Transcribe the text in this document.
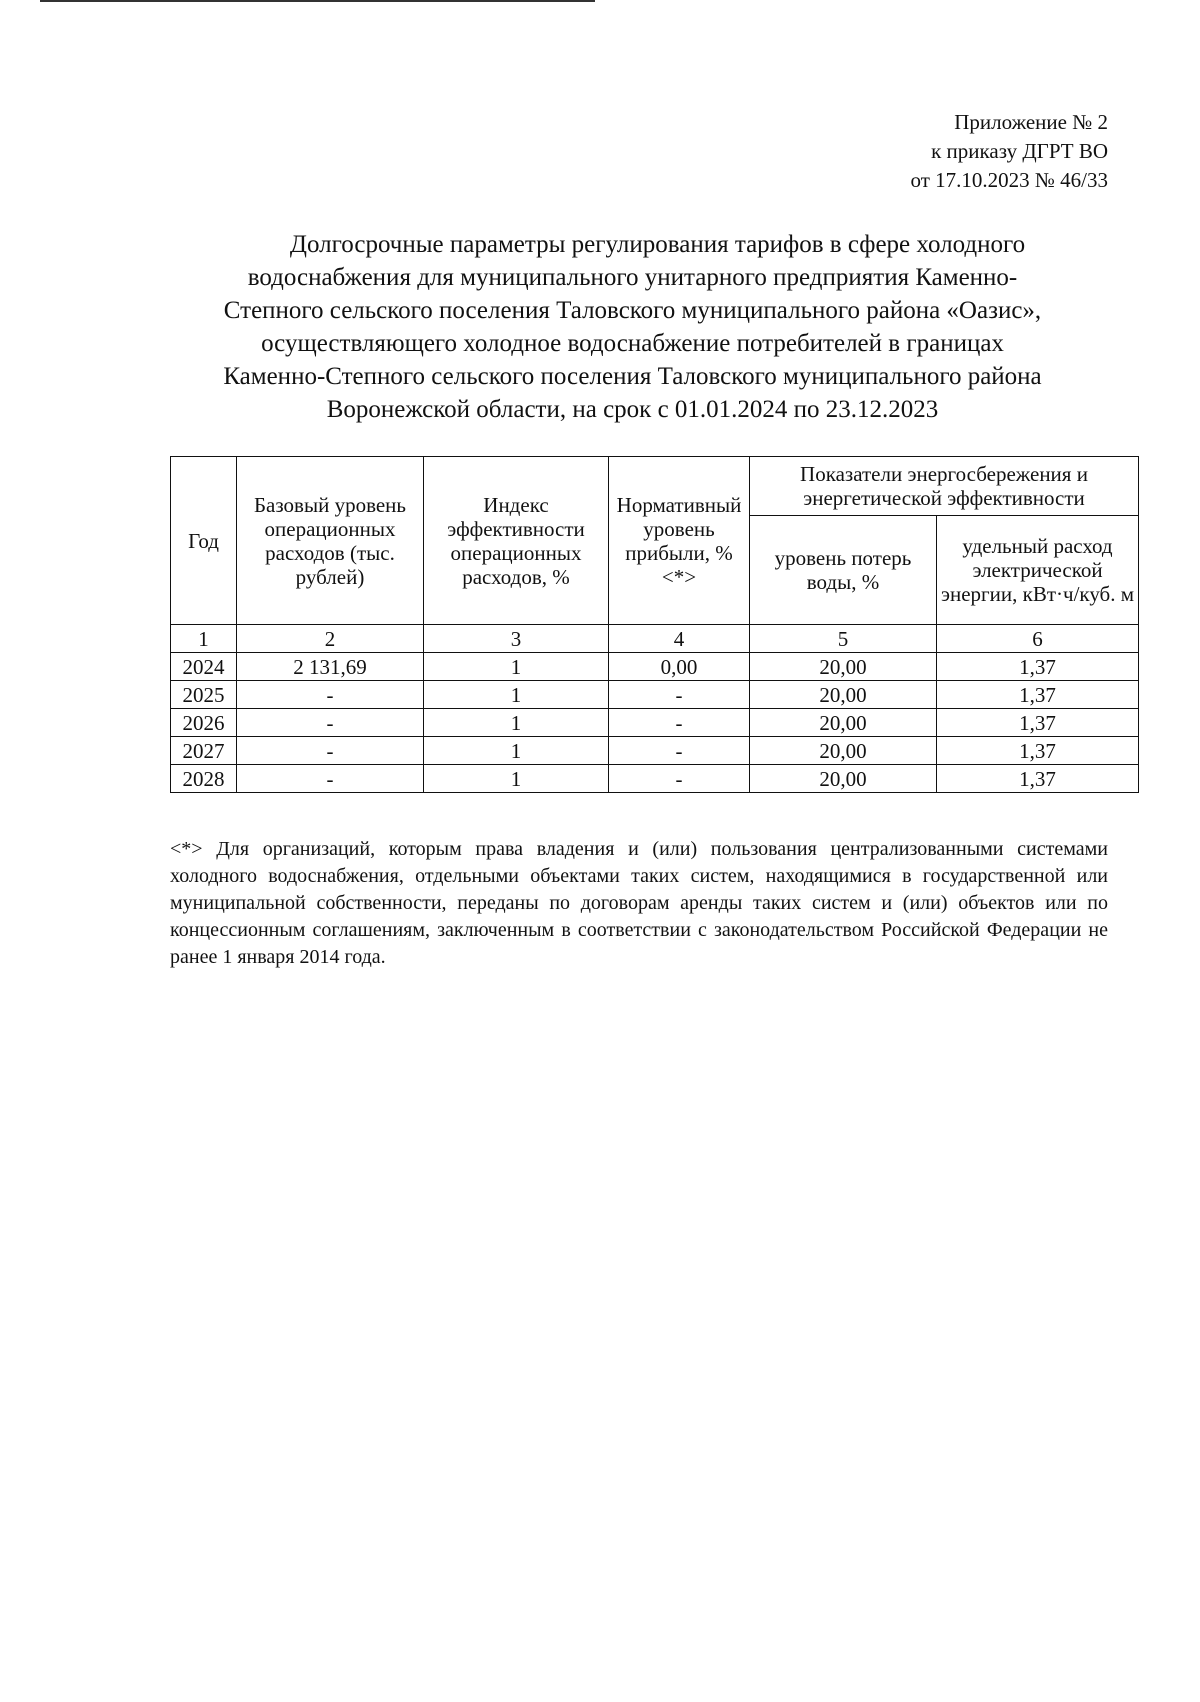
Приложение № 2
к приказу ДГРТ ВО
от 17.10.2023 № 46/33
Долгосрочные параметры регулирования тарифов в сфере холодного
водоснабжения для муниципального унитарного предприятия Каменно-
Степного сельского поселения Таловского муниципального района «Оазис»,
осуществляющего холодное водоснабжение потребителей в границах
Каменно-Степного сельского поселения Таловского муниципального района
Воронежской области, на срок с 01.01.2024 по 23.12.2023
Год	Базовый уровень операционных расходов (тыс. рублей)	Индекс эффективности операционных расходов, %	Нормативный уровень прибыли, % <*>	Показатели энергосбережения и энергетической эффективности	
				уровень потерь воды, %	удельный расход электрической энергии, кВт·ч/куб. м
1	2	3	4	5	6
2024	2 131,69	1	0,00	20,00	1,37
2025	-	1	-	20,00	1,37
2026	-	1	-	20,00	1,37
2027	-	1	-	20,00	1,37
2028	-	1	-	20,00	1,37
<*> Для организаций, которым права владения и (или) пользования централизованными системами холодного водоснабжения, отдельными объектами таких систем, находящимися в государственной или муниципальной собственности, переданы по договорам аренды таких систем и (или) объектов или по концессионным соглашениям, заключенным в соответствии с законодательством Российской Федерации не ранее 1 января 2014 года.
